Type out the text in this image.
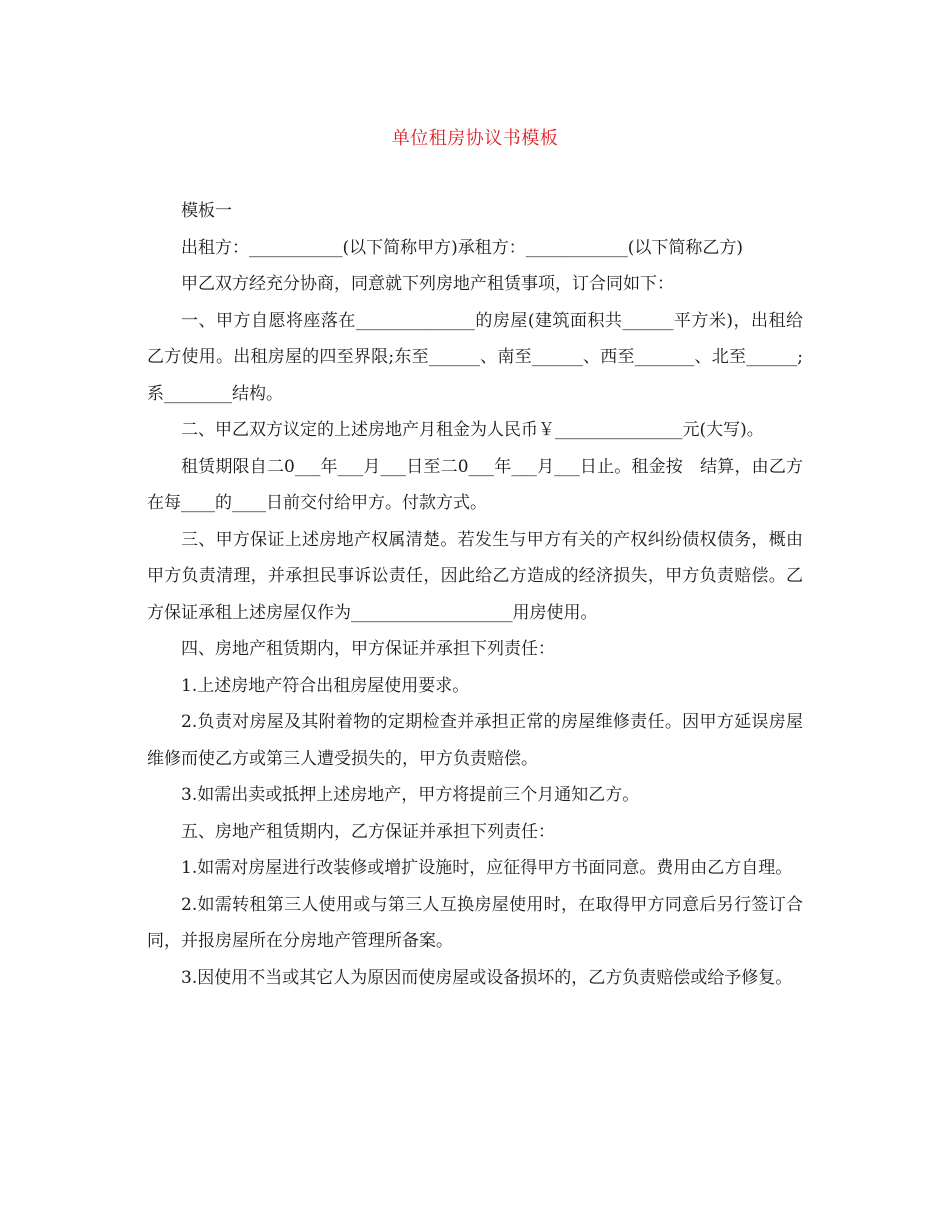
单位租房协议书模板

模板一

出租方：___________(以下简称甲方)承租方：____________(以下简称乙方)

甲乙双方经充分协商，同意就下列房地产租赁事项，订合同如下：

一、甲方自愿将座落在______________的房屋(建筑面积共______平方米)，出租给乙方使用。出租房屋的四至界限;东至______、南至______、西至_______、北至______;系________结构。

二、甲乙双方议定的上述房地产月租金为人民币￥_______________元(大写)。

租赁期限自二0___年___月___日至二0___年___月___日止。租金按　结算，由乙方在每____的____日前交付给甲方。付款方式。

三、甲方保证上述房地产权属清楚。若发生与甲方有关的产权纠纷债权债务，概由甲方负责清理，并承担民事诉讼责任，因此给乙方造成的经济损失，甲方负责赔偿。乙方保证承租上述房屋仅作为___________________用房使用。

四、房地产租赁期内，甲方保证并承担下列责任：

1.上述房地产符合出租房屋使用要求。

2.负责对房屋及其附着物的定期检查并承担正常的房屋维修责任。因甲方延误房屋维修而使乙方或第三人遭受损失的，甲方负责赔偿。

3.如需出卖或抵押上述房地产，甲方将提前三个月通知乙方。

五、房地产租赁期内，乙方保证并承担下列责任：

1.如需对房屋进行改装修或增扩设施时，应征得甲方书面同意。费用由乙方自理。

2.如需转租第三人使用或与第三人互换房屋使用时，在取得甲方同意后另行签订合同，并报房屋所在分房地产管理所备案。

3.因使用不当或其它人为原因而使房屋或设备损坏的，乙方负责赔偿或给予修复。
